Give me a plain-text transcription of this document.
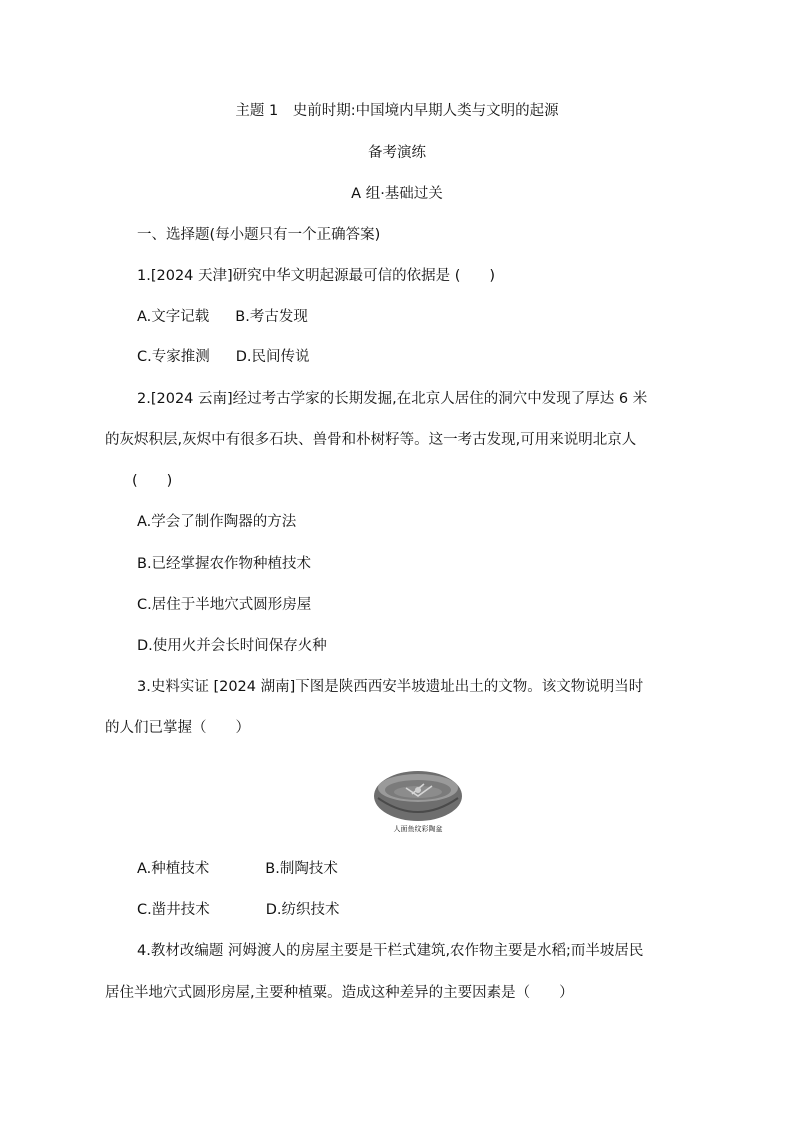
主题 1　史前时期:中国境内早期人类与文明的起源
备考演练
A 组·基础过关
一、选择题(每小题只有一个正确答案)
1.[2024 天津]研究中华文明起源最可信的依据是 (　　)
A.文字记载 B.考古发现
C.专家推测 D.民间传说
2.[2024 云南]经过考古学家的长期发掘,在北京人居住的洞穴中发现了厚达 6 米
的灰烬积层,灰烬中有很多石块、兽骨和朴树籽等。这一考古发现,可用来说明北京人
(　　)
A.学会了制作陶器的方法
B.已经掌握农作物种植技术
C.居住于半地穴式圆形房屋
D.使用火并会长时间保存火种
3.史料实证 [2024 湖南]下图是陕西西安半坡遗址出土的文物。该文物说明当时
的人们已掌握（　　）
人面鱼纹彩陶盆
A.种植技术	B.制陶技术
C.凿井技术	D.纺织技术
4.教材改编题 河姆渡人的房屋主要是干栏式建筑,农作物主要是水稻;而半坡居民
居住半地穴式圆形房屋,主要种植粟。造成这种差异的主要因素是（　　）
